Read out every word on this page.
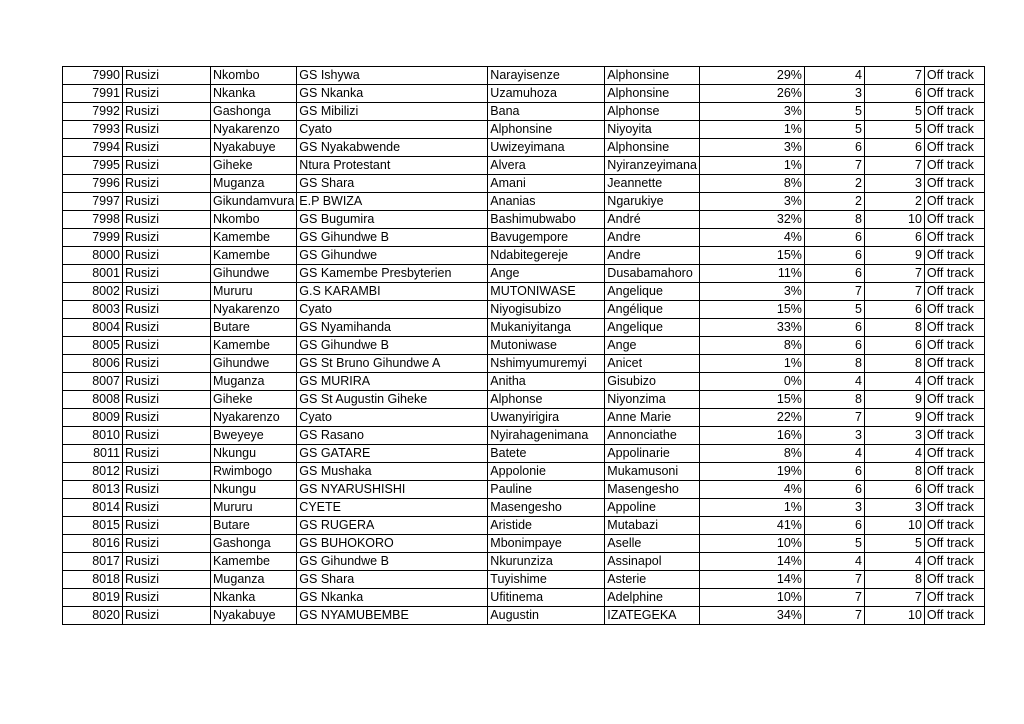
7990	Rusizi	Nkombo	GS Ishywa	Narayisenze	Alphonsine	29%	4	7	Off track
7991	Rusizi	Nkanka	GS Nkanka	Uzamuhoza	Alphonsine	26%	3	6	Off track
7992	Rusizi	Gashonga	GS Mibilizi	Bana	Alphonse	3%	5	5	Off track
7993	Rusizi	Nyakarenzo	Cyato	Alphonsine	Niyoyita	1%	5	5	Off track
7994	Rusizi	Nyakabuye	GS Nyakabwende	Uwizeyimana	Alphonsine	3%	6	6	Off track
7995	Rusizi	Giheke	Ntura Protestant	Alvera	Nyiranzeyimana	1%	7	7	Off track
7996	Rusizi	Muganza	GS Shara	Amani	Jeannette	8%	2	3	Off track
7997	Rusizi	Gikundamvura	E.P BWIZA	Ananias	Ngarukiye	3%	2	2	Off track
7998	Rusizi	Nkombo	GS Bugumira	Bashimubwabo	André	32%	8	10	Off track
7999	Rusizi	Kamembe	GS Gihundwe B	Bavugempore	Andre	4%	6	6	Off track
8000	Rusizi	Kamembe	GS Gihundwe	Ndabitegereje	Andre	15%	6	9	Off track
8001	Rusizi	Gihundwe	GS Kamembe Presbyterien	Ange	Dusabamahoro	11%	6	7	Off track
8002	Rusizi	Mururu	G.S KARAMBI	MUTONIWASE	Angelique	3%	7	7	Off track
8003	Rusizi	Nyakarenzo	Cyato	Niyogisubizo	Angélique	15%	5	6	Off track
8004	Rusizi	Butare	GS Nyamihanda	Mukaniyitanga	Angelique	33%	6	8	Off track
8005	Rusizi	Kamembe	GS Gihundwe B	Mutoniwase	Ange	8%	6	6	Off track
8006	Rusizi	Gihundwe	GS St Bruno Gihundwe A	Nshimyumuremyi	Anicet	1%	8	8	Off track
8007	Rusizi	Muganza	GS MURIRA	Anitha	Gisubizo	0%	4	4	Off track
8008	Rusizi	Giheke	GS St Augustin Giheke	Alphonse	Niyonzima	15%	8	9	Off track
8009	Rusizi	Nyakarenzo	Cyato	Uwanyirigira	Anne Marie	22%	7	9	Off track
8010	Rusizi	Bweyeye	GS Rasano	Nyirahagenimana	Annonciathe	16%	3	3	Off track
8011	Rusizi	Nkungu	GS GATARE	Batete	Appolinarie	8%	4	4	Off track
8012	Rusizi	Rwimbogo	GS Mushaka	Appolonie	Mukamusoni	19%	6	8	Off track
8013	Rusizi	Nkungu	GS NYARUSHISHI	Pauline	Masengesho	4%	6	6	Off track
8014	Rusizi	Mururu	CYETE	Masengesho	Appoline	1%	3	3	Off track
8015	Rusizi	Butare	GS RUGERA	Aristide	Mutabazi	41%	6	10	Off track
8016	Rusizi	Gashonga	GS BUHOKORO	Mbonimpaye	Aselle	10%	5	5	Off track
8017	Rusizi	Kamembe	GS Gihundwe B	Nkurunziza	Assinapol	14%	4	4	Off track
8018	Rusizi	Muganza	GS Shara	Tuyishime	Asterie	14%	7	8	Off track
8019	Rusizi	Nkanka	GS Nkanka	Ufitinema	Adelphine	10%	7	7	Off track
8020	Rusizi	Nyakabuye	GS NYAMUBEMBE	Augustin	IZATEGEKA	34%	7	10	Off track
